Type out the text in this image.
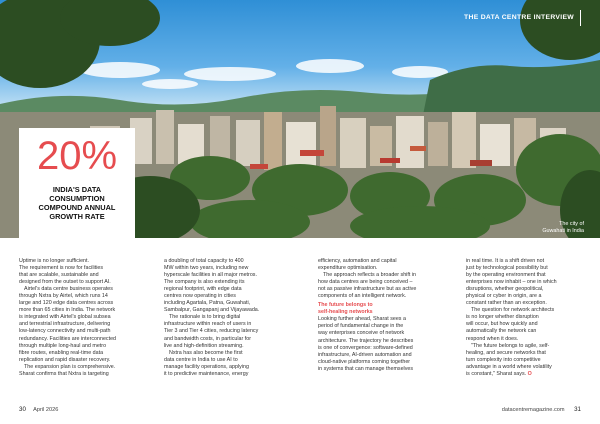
THE DATA CENTRE INTERVIEW
The city of
Guwahati in India
20%
INDIA'S DATA
CONSUMPTION
COMPOUND ANNUAL
GROWTH RATE
Uptime is no longer sufficient.
The requirement is now for facilities
that are scalable, sustainable and
designed from the outset to support AI.
Airtel's data centre business operates
through Nxtra by Airtel, which runs 14
large and 120 edge data centres across
more than 65 cities in India. The network
is integrated with Airtel's global subsea
and terrestrial infrastructure, delivering
low-latency connectivity and multi-path
redundancy. Facilities are interconnected
through multiple long-haul and metro
fibre routes, enabling real-time data
replication and rapid disaster recovery.
The expansion plan is comprehensive.
Sharat confirms that Nxtra is targeting
a doubling of total capacity to 400
MW within two years, including new
hyperscale facilities in all major metros.
The company is also extending its
regional footprint, with edge data
centres now operating in cities
including Agartala, Patna, Guwahati,
Sambalpur, Gangapanj and Vijayawada.
The rationale is to bring digital
infrastructure within reach of users in
Tier 3 and Tier 4 cities, reducing latency
and bandwidth costs, in particular for
live and high-definition streaming.
Nxtra has also become the first
data centre in India to use AI to
manage facility operations, applying
it to predictive maintenance, energy
efficiency, automation and capital
expenditure optimisation.
The approach reflects a broader shift in
how data centres are being conceived –
not as passive infrastructure but as active
components of an intelligent network.
The future belongs to
self-healing networks
Looking further ahead, Sharat sees a
period of fundamental change in the
way enterprises conceive of network
architecture. The trajectory he describes
is one of convergence: software-defined
infrastructure, AI-driven automation and
cloud-native platforms coming together
in systems that can manage themselves
in real time. It is a shift driven not
just by technological possibility but
by the operating environment that
enterprises now inhabit – one in which
disruptions, whether geopolitical,
physical or cyber in origin, are a
constant rather than an exception.
The question for network architects
is no longer whether disruption
will occur, but how quickly and
automatically the network can
respond when it does.
"The future belongs to agile, self-
healing, and secure networks that
turn complexity into competitive
advantage in a world where volatility
is constant," Sharat says. O
30 April 2026	datacentremagazine.com 31
